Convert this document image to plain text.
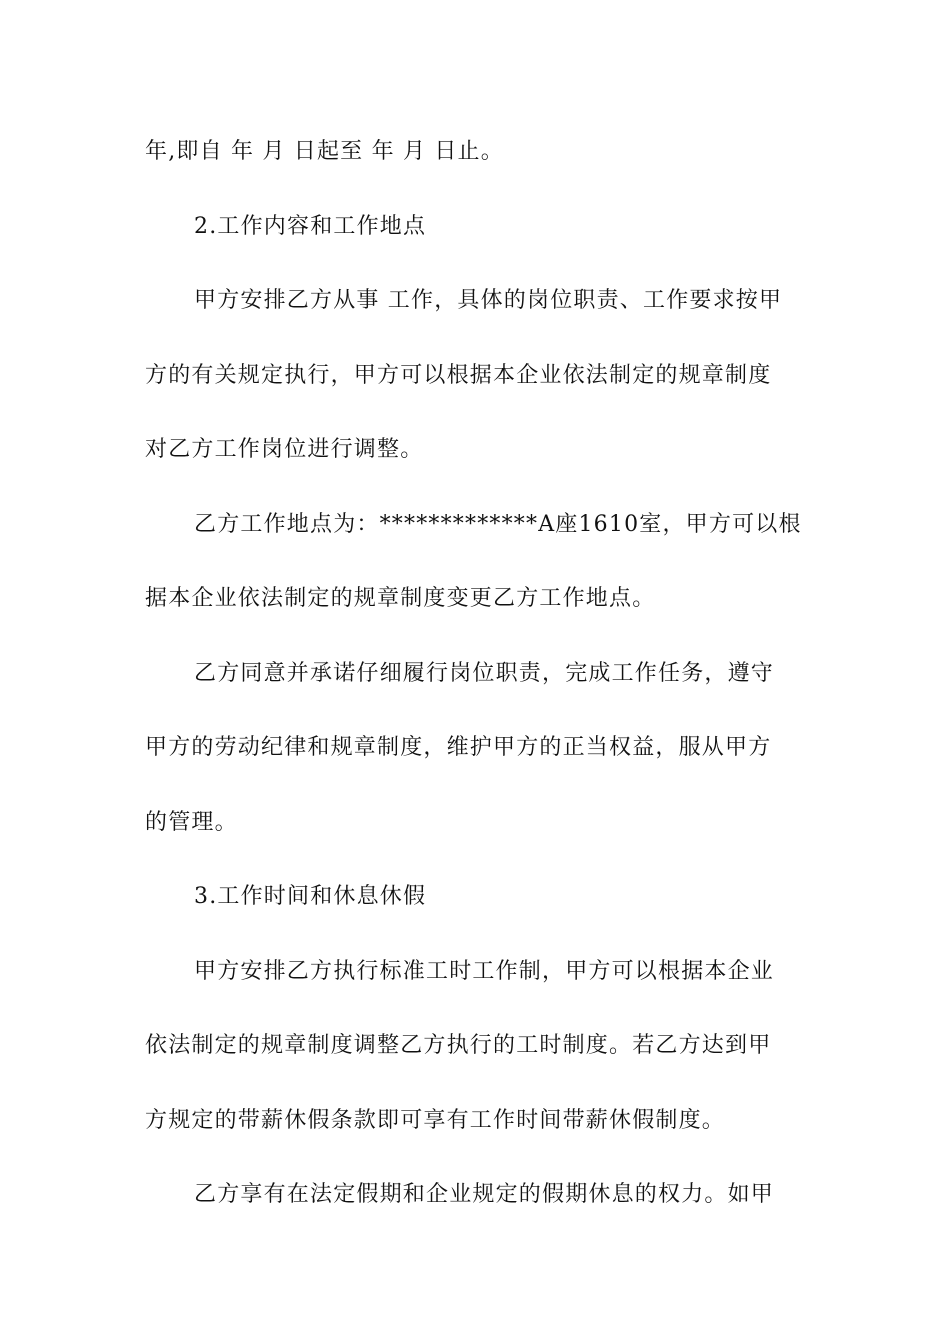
年,即自 年 月 日起至 年 月 日止。
2.工作内容和工作地点
甲方安排乙方从事 工作，具体的岗位职责、工作要求按甲
方的有关规定执行，甲方可以根据本企业依法制定的规章制度
对乙方工作岗位进行调整。
乙方工作地点为：*************A座1610室，甲方可以根
据本企业依法制定的规章制度变更乙方工作地点。
乙方同意并承诺仔细履行岗位职责，完成工作任务，遵守
甲方的劳动纪律和规章制度，维护甲方的正当权益，服从甲方
的管理。
3.工作时间和休息休假
甲方安排乙方执行标准工时工作制，甲方可以根据本企业
依法制定的规章制度调整乙方执行的工时制度。若乙方达到甲
方规定的带薪休假条款即可享有工作时间带薪休假制度。
乙方享有在法定假期和企业规定的假期休息的权力。如甲
